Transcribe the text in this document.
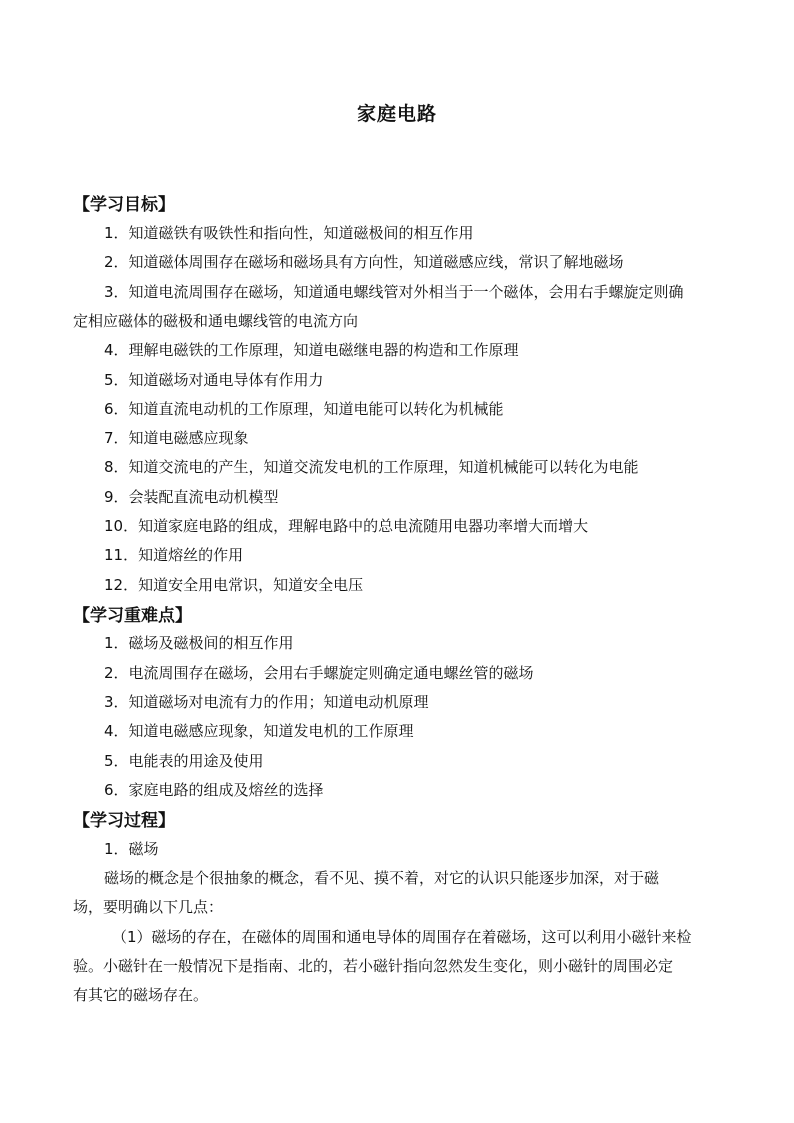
家庭电路
【学习目标】
1．知道磁铁有吸铁性和指向性，知道磁极间的相互作用
2．知道磁体周围存在磁场和磁场具有方向性，知道磁感应线，常识了解地磁场
3．知道电流周围存在磁场，知道通电螺线管对外相当于一个磁体，会用右手螺旋定则确
定相应磁体的磁极和通电螺线管的电流方向
4．理解电磁铁的工作原理，知道电磁继电器的构造和工作原理
5．知道磁场对通电导体有作用力
6．知道直流电动机的工作原理，知道电能可以转化为机械能
7．知道电磁感应现象
8．知道交流电的产生，知道交流发电机的工作原理，知道机械能可以转化为电能
9．会装配直流电动机模型
10．知道家庭电路的组成，理解电路中的总电流随用电器功率增大而增大
11．知道熔丝的作用
12．知道安全用电常识，知道安全电压
【学习重难点】
1．磁场及磁极间的相互作用
2．电流周围存在磁场，会用右手螺旋定则确定通电螺丝管的磁场
3．知道磁场对电流有力的作用；知道电动机原理
4．知道电磁感应现象，知道发电机的工作原理
5．电能表的用途及使用
6．家庭电路的组成及熔丝的选择
【学习过程】
1．磁场
磁场的概念是个很抽象的概念，看不见、摸不着，对它的认识只能逐步加深，对于磁
场，要明确以下几点：
（1）磁场的存在，在磁体的周围和通电导体的周围存在着磁场，这可以利用小磁针来检
验。小磁针在一般情况下是指南、北的，若小磁针指向忽然发生变化，则小磁针的周围必定
有其它的磁场存在。
